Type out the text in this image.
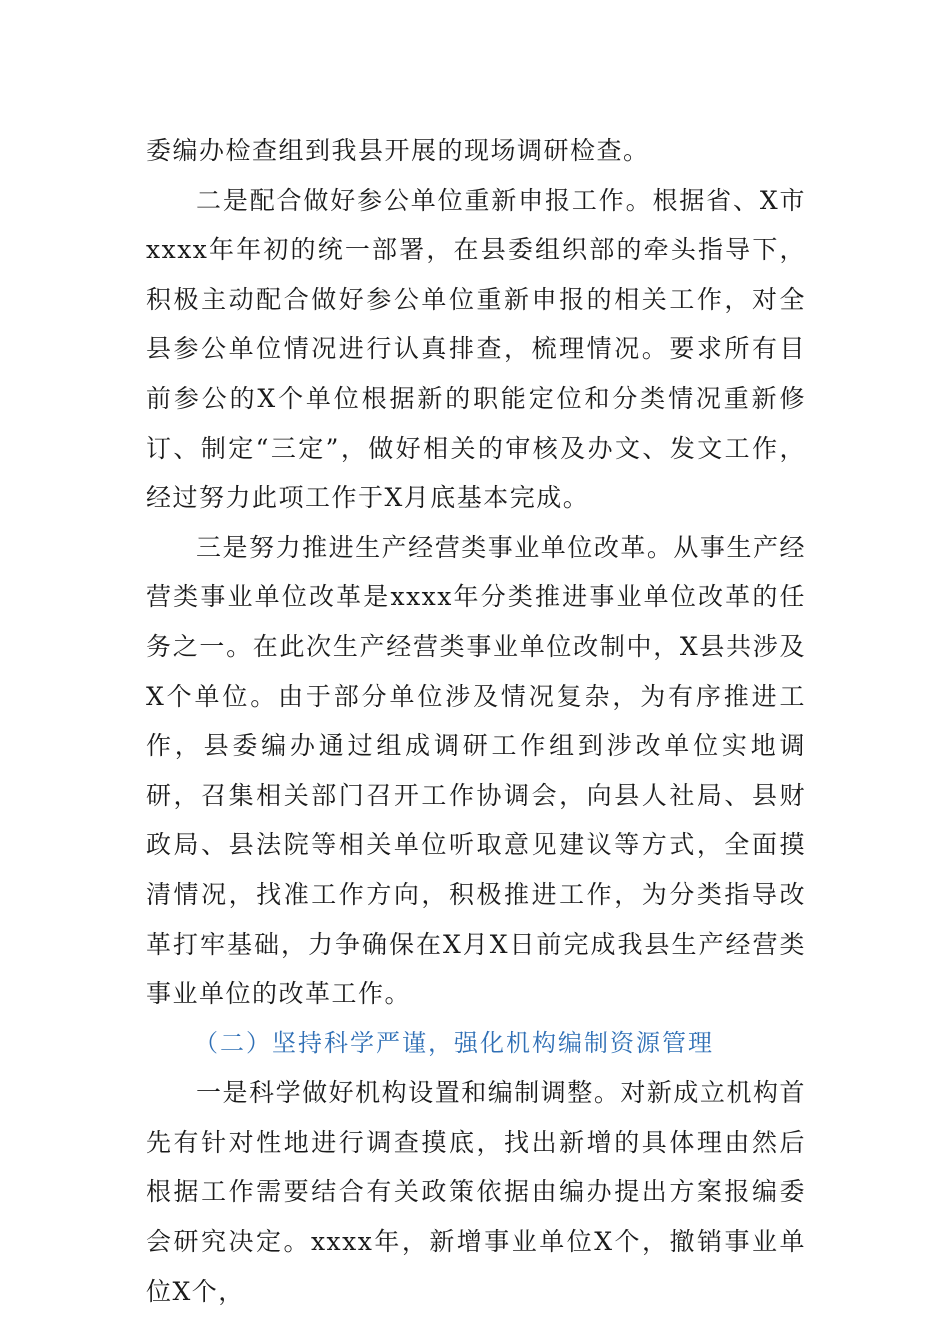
委编办检查组到我县开展的现场调研检查。

二是配合做好参公单位重新申报工作。根据省、X市xxxx年年初的统一部署，在县委组织部的牵头指导下，积极主动配合做好参公单位重新申报的相关工作，对全县参公单位情况进行认真排查，梳理情况。要求所有目前参公的X个单位根据新的职能定位和分类情况重新修订、制定“三定”，做好相关的审核及办文、发文工作，经过努力此项工作于X月底基本完成。

三是努力推进生产经营类事业单位改革。从事生产经营类事业单位改革是xxxx年分类推进事业单位改革的任务之一。在此次生产经营类事业单位改制中，X县共涉及X个单位。由于部分单位涉及情况复杂，为有序推进工作，县委编办通过组成调研工作组到涉改单位实地调研，召集相关部门召开工作协调会，向县人社局、县财政局、县法院等相关单位听取意见建议等方式，全面摸清情况，找准工作方向，积极推进工作，为分类指导改革打牢基础，力争确保在X月X日前完成我县生产经营类事业单位的改革工作。

（二）坚持科学严谨，强化机构编制资源管理

一是科学做好机构设置和编制调整。对新成立机构首先有针对性地进行调查摸底，找出新增的具体理由然后根据工作需要结合有关政策依据由编办提出方案报编委会研究决定。xxxx年，新增事业单位X个，撤销事业单位X个，
